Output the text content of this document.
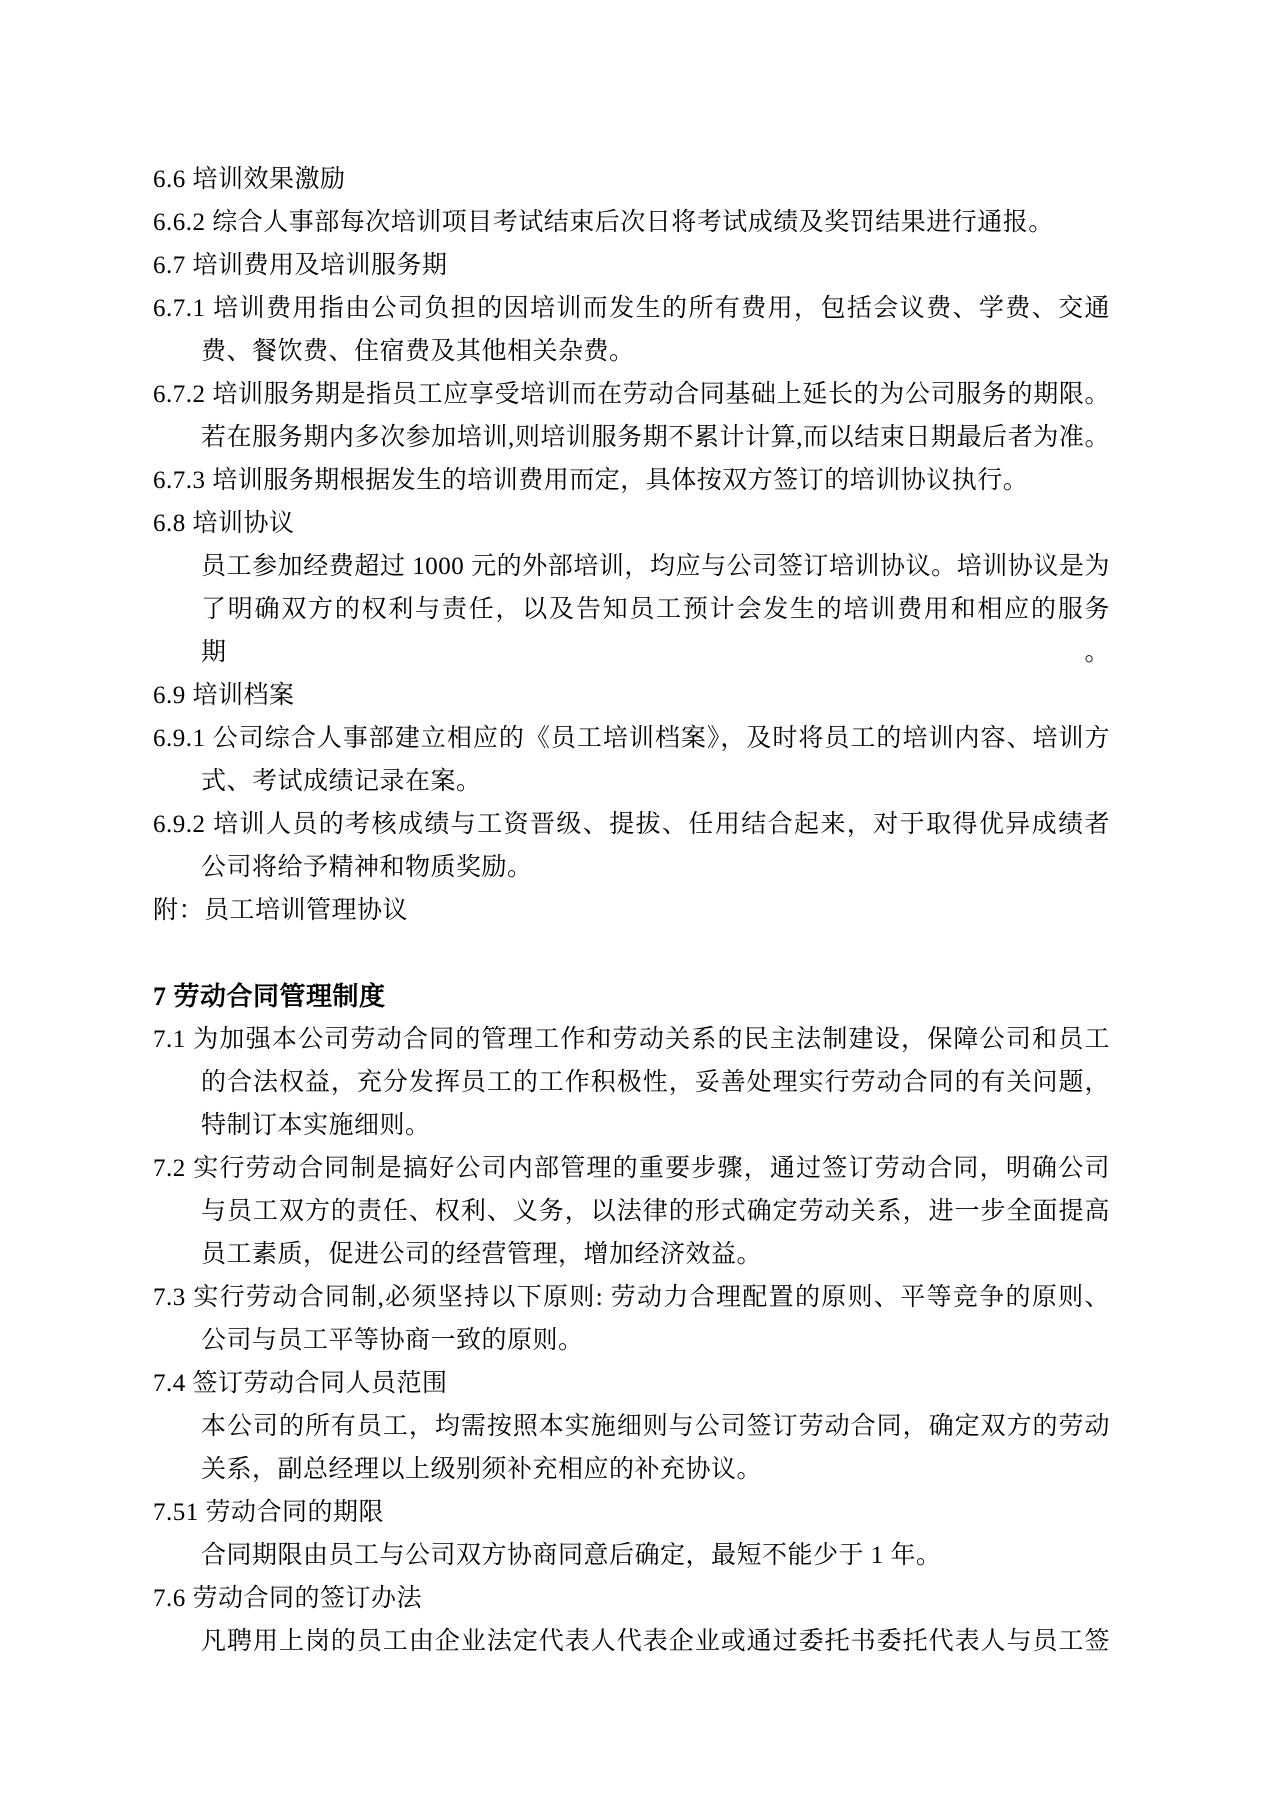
6.6 培训效果激励
6.6.2 综合人事部每次培训项目考试结束后次日将考试成绩及奖罚结果进行通报。
6.7 培训费用及培训服务期
6.7.1 培训费用指由公司负担的因培训而发生的所有费用，包括会议费、学费、交通
费、餐饮费、住宿费及其他相关杂费。
6.7.2 培训服务期是指员工应享受培训而在劳动合同基础上延长的为公司服务的期限。
若在服务期内多次参加培训,则培训服务期不累计计算,而以结束日期最后者为准。
6.7.3 培训服务期根据发生的培训费用而定，具体按双方签订的培训协议执行。
6.8 培训协议
员工参加经费超过 1000 元的外部培训，均应与公司签订培训协议。培训协议是为
了明确双方的权利与责任，以及告知员工预计会发生的培训费用和相应的服务期。
6.9 培训档案
6.9.1 公司综合人事部建立相应的《员工培训档案》，及时将员工的培训内容、培训方
式、考试成绩记录在案。
6.9.2 培训人员的考核成绩与工资晋级、提拔、任用结合起来，对于取得优异成绩者
公司将给予精神和物质奖励。
附：员工培训管理协议
7 劳动合同管理制度
7.1 为加强本公司劳动合同的管理工作和劳动关系的民主法制建设，保障公司和员工
的合法权益，充分发挥员工的工作积极性，妥善处理实行劳动合同的有关问题，
特制订本实施细则。
7.2 实行劳动合同制是搞好公司内部管理的重要步骤，通过签订劳动合同，明确公司
与员工双方的责任、权利、义务，以法律的形式确定劳动关系，进一步全面提高
员工素质，促进公司的经营管理，增加经济效益。
7.3 实行劳动合同制,必须坚持以下原则: 劳动力合理配置的原则、平等竞争的原则、
公司与员工平等协商一致的原则。
7.4 签订劳动合同人员范围
本公司的所有员工，均需按照本实施细则与公司签订劳动合同，确定双方的劳动
关系，副总经理以上级别须补充相应的补充协议。
7.51 劳动合同的期限
合同期限由员工与公司双方协商同意后确定，最短不能少于 1 年。
7.6 劳动合同的签订办法
凡聘用上岗的员工由企业法定代表人代表企业或通过委托书委托代表人与员工签
